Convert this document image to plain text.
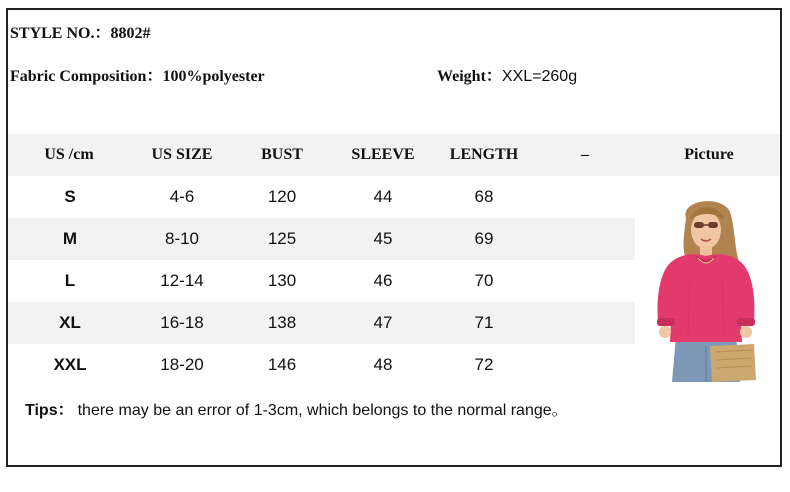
STYLE NO.：8802#
Fabric Composition：100%polyester	Weight：XXL=260g
US /cm	US SIZE	BUST	SLEEVE	LENGTH	–	Picture
S	4-6	120	44	68
M	8-10	125	45	69
L	12-14	130	46	70
XL	16-18	138	47	71
XXL	18-20	146	48	72
Tips： there may be an error of 1-3cm, which belongs to the normal range。
